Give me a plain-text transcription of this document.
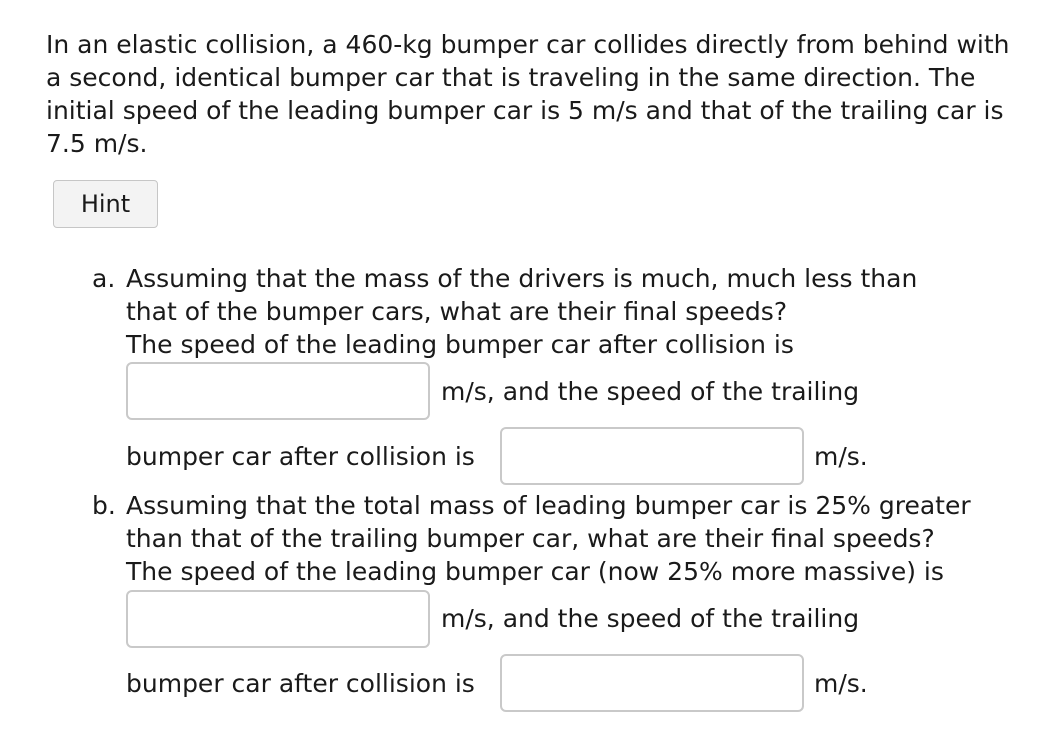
In an elastic collision, a 460-kg bumper car collides directly from behind with a second, identical bumper car that is traveling in the same direction. The initial speed of the leading bumper car is 5 m/s and that of the trailing car is 7.5 m/s.

Hint
a. Assuming that the mass of the drivers is much, much less than
that of the bumper cars, what are their final speeds?
The speed of the leading bumper car after collision is
m/s, and the speed of the trailing
bumper car after collision is	m/s.
b. Assuming that the total mass of leading bumper car is 25% greater
than that of the trailing bumper car, what are their final speeds?
The speed of the leading bumper car (now 25% more massive) is
m/s, and the speed of the trailing
bumper car after collision is	m/s.
